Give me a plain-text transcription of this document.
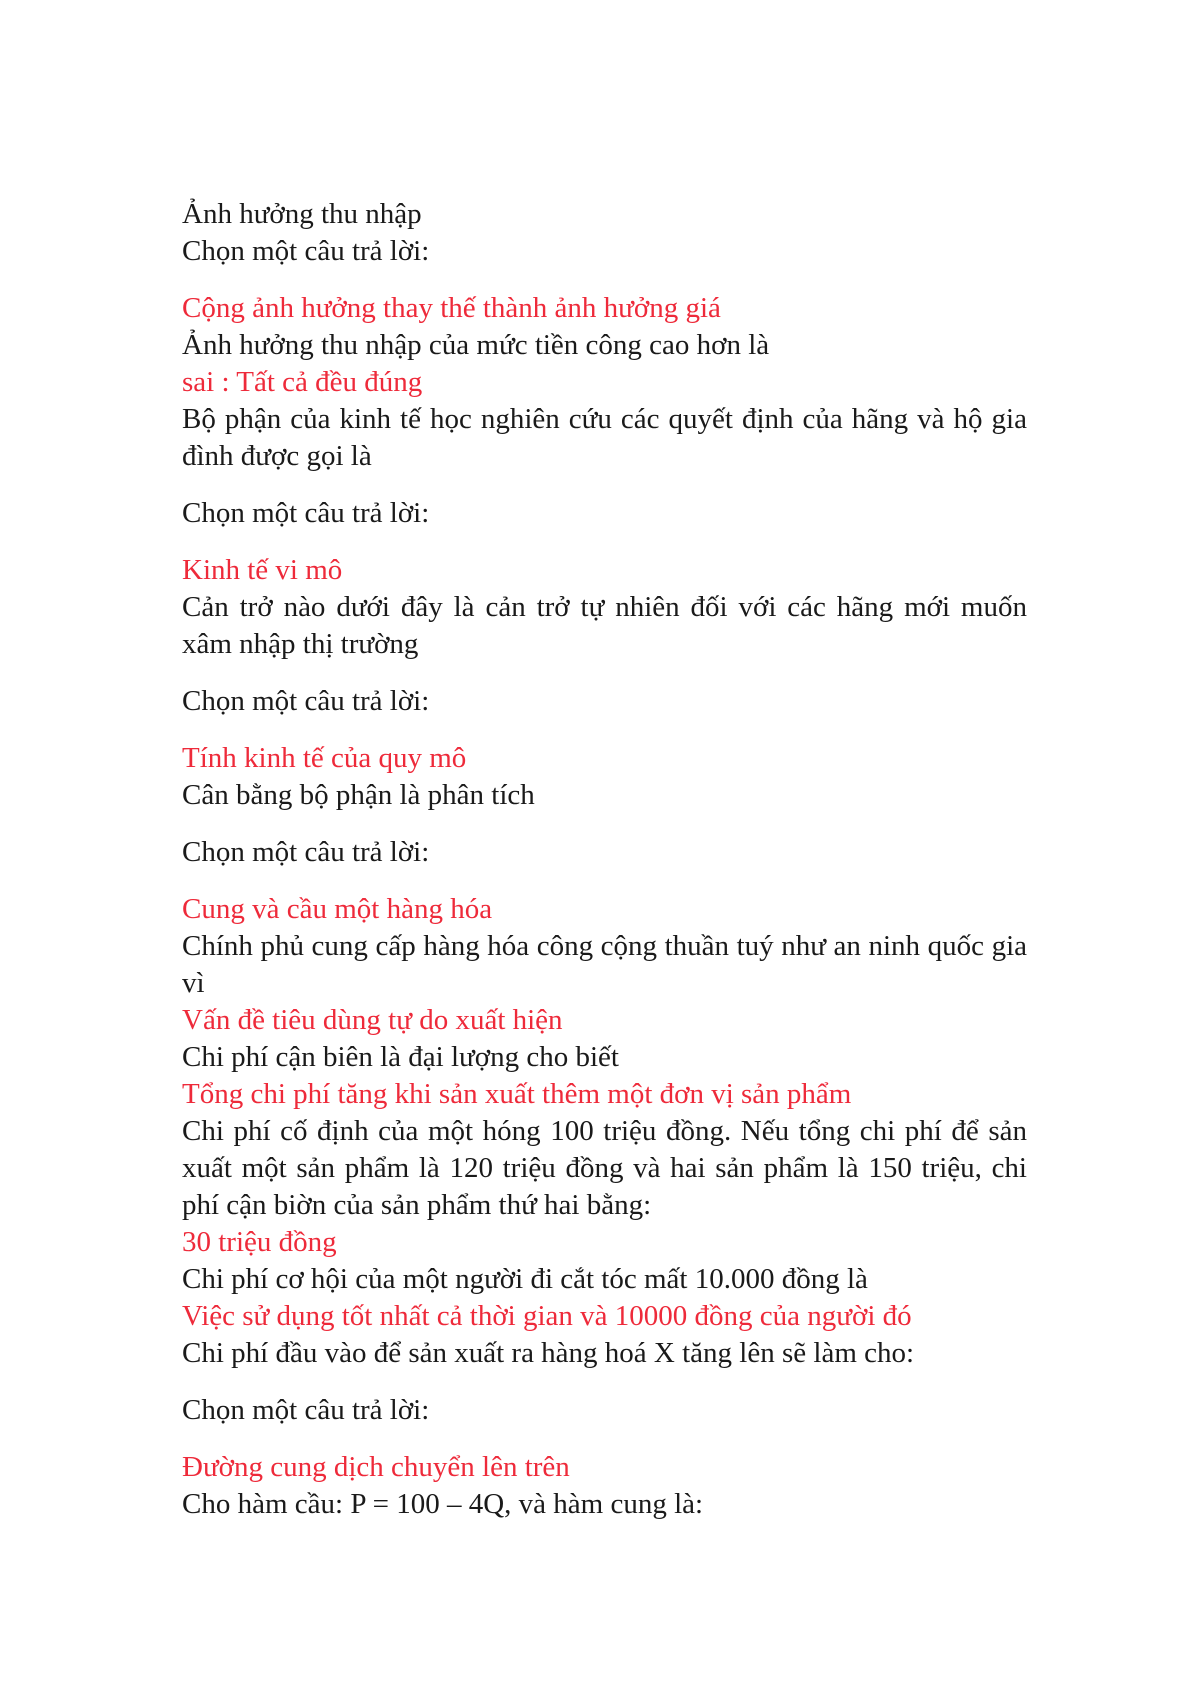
Ảnh hưởng thu nhập

Chọn một câu trả lời:

Cộng ảnh hưởng thay thế thành ảnh hưởng giá

Ảnh hưởng thu nhập của mức tiền công cao hơn là

sai : Tất cả đều đúng

Bộ phận của kinh tế học nghiên cứu các quyết định của hãng và hộ gia đình được gọi là

Chọn một câu trả lời:

Kinh tế vi mô

Cản trở nào dưới đây là cản trở tự nhiên đối với các hãng mới muốn xâm nhập thị trường

Chọn một câu trả lời:

Tính kinh tế của quy mô

Cân bằng bộ phận là phân tích

Chọn một câu trả lời:

Cung và cầu một hàng hóa

Chính phủ cung cấp hàng hóa công cộng thuần tuý như an ninh quốc gia vì

Vấn đề tiêu dùng tự do xuất hiện

Chi phí cận biên là đại lượng cho biết

Tổng chi phí tăng khi sản xuất thêm một đơn vị sản phẩm

Chi phí cố định của một hóng 100 triệu đồng. Nếu tổng chi phí để sản xuất một sản phẩm là 120 triệu đồng và hai sản phẩm là 150 triệu, chi phí cận biờn của sản phẩm thứ hai bằng:

30 triệu đồng

Chi phí cơ hội của một người đi cắt tóc mất 10.000 đồng là

Việc sử dụng tốt nhất cả thời gian và 10000 đồng của người đó

Chi phí đầu vào để sản xuất ra hàng hoá X tăng lên sẽ làm cho:

Chọn một câu trả lời:

Đường cung dịch chuyển lên trên

Cho hàm cầu: P = 100 – 4Q, và hàm cung là:
